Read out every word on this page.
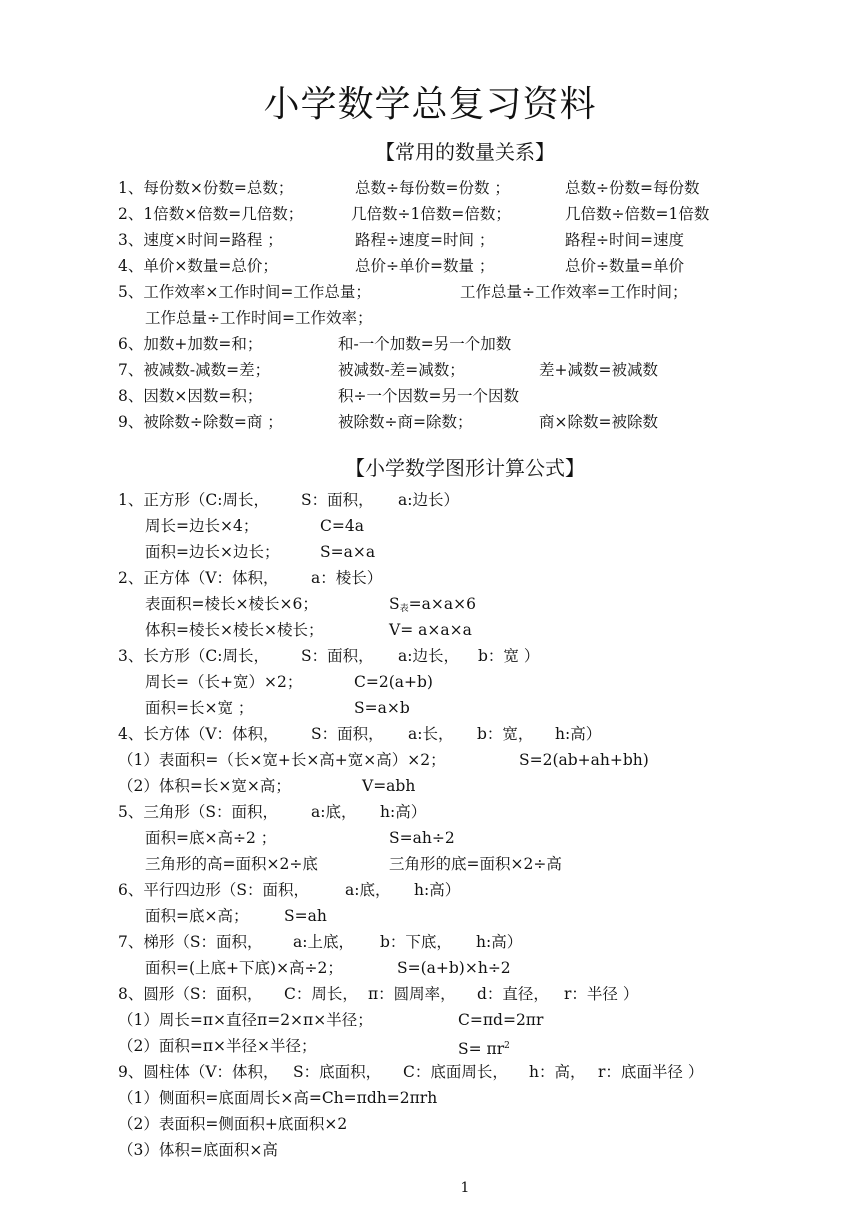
小学数学总复习资料
【常用的数量关系】
1、每份数×份数=总数；	总数÷每份数=份数 ；	总数÷份数=每份数
2、1倍数×倍数=几倍数；	几倍数÷1倍数=倍数；	几倍数÷倍数=1倍数
3、速度×时间=路程 ；	路程÷速度=时间 ；	路程÷时间=速度
4、单价×数量=总价；	总价÷单价=数量 ；	总价÷数量=单价
5、工作效率×工作时间=工作总量；	工作总量÷工作效率=工作时间；
工作总量÷工作时间=工作效率；
6、加数+加数=和；	和-一个加数=另一个加数
7、被减数-减数=差；	被减数-差=减数；	差+减数=被减数
8、因数×因数=积；	积÷一个因数=另一个因数
9、被除数÷除数=商 ；	被除数÷商=除数；	商×除数=被除数
【小学数学图形计算公式】
1、正方形（C:周长， S：面积， a:边长）
周长=边长×4；	C=4a
面积=边长×边长；	S=a×a
2、正方体（V：体积， a：棱长）
表面积=棱长×棱长×6；	$S_表=a\times a\times 6$
体积=棱长×棱长×棱长；	V= a×a×a
3、长方形（C:周长， S：面积， a:边长， b：宽 ）
周长=（长+宽）×2；	C=2(a+b)
面积=长×宽 ；	S=a×b
4、长方体（V：体积， S：面积， a:长， b：宽， h:高）
（1）表面积=（长×宽+长×高+宽×高）×2；	S=2(ab+ah+bh)
（2）体积=长×宽×高；	V=abh
5、三角形（S：面积， a:底， h:高）
面积=底×高÷2 ；	S=ah÷2
三角形的高=面积×2÷底	三角形的底=面积×2÷高
6、平行四边形（S：面积， a:底， h:高）
面积=底×高； S=ah
7、梯形（S：面积， a:上底， b：下底， h:高）
面积=(上底+下底)×高÷2；	S=(a+b)×h÷2
8、圆形（S：面积， C：周长， π：圆周率， d：直径， r：半径 ）
（1）周长=π×直径π=2×π×半径；	C=πd=2πr
（2）面积=π×半径×半径；	$S= \pi r^2$
9、圆柱体（V：体积， S：底面积， C：底面周长， h：高， r：底面半径 ）
（1）侧面积=底面周长×高=Ch=πdh=2πrh
（2）表面积=侧面积+底面积×2
（3）体积=底面积×高
1
